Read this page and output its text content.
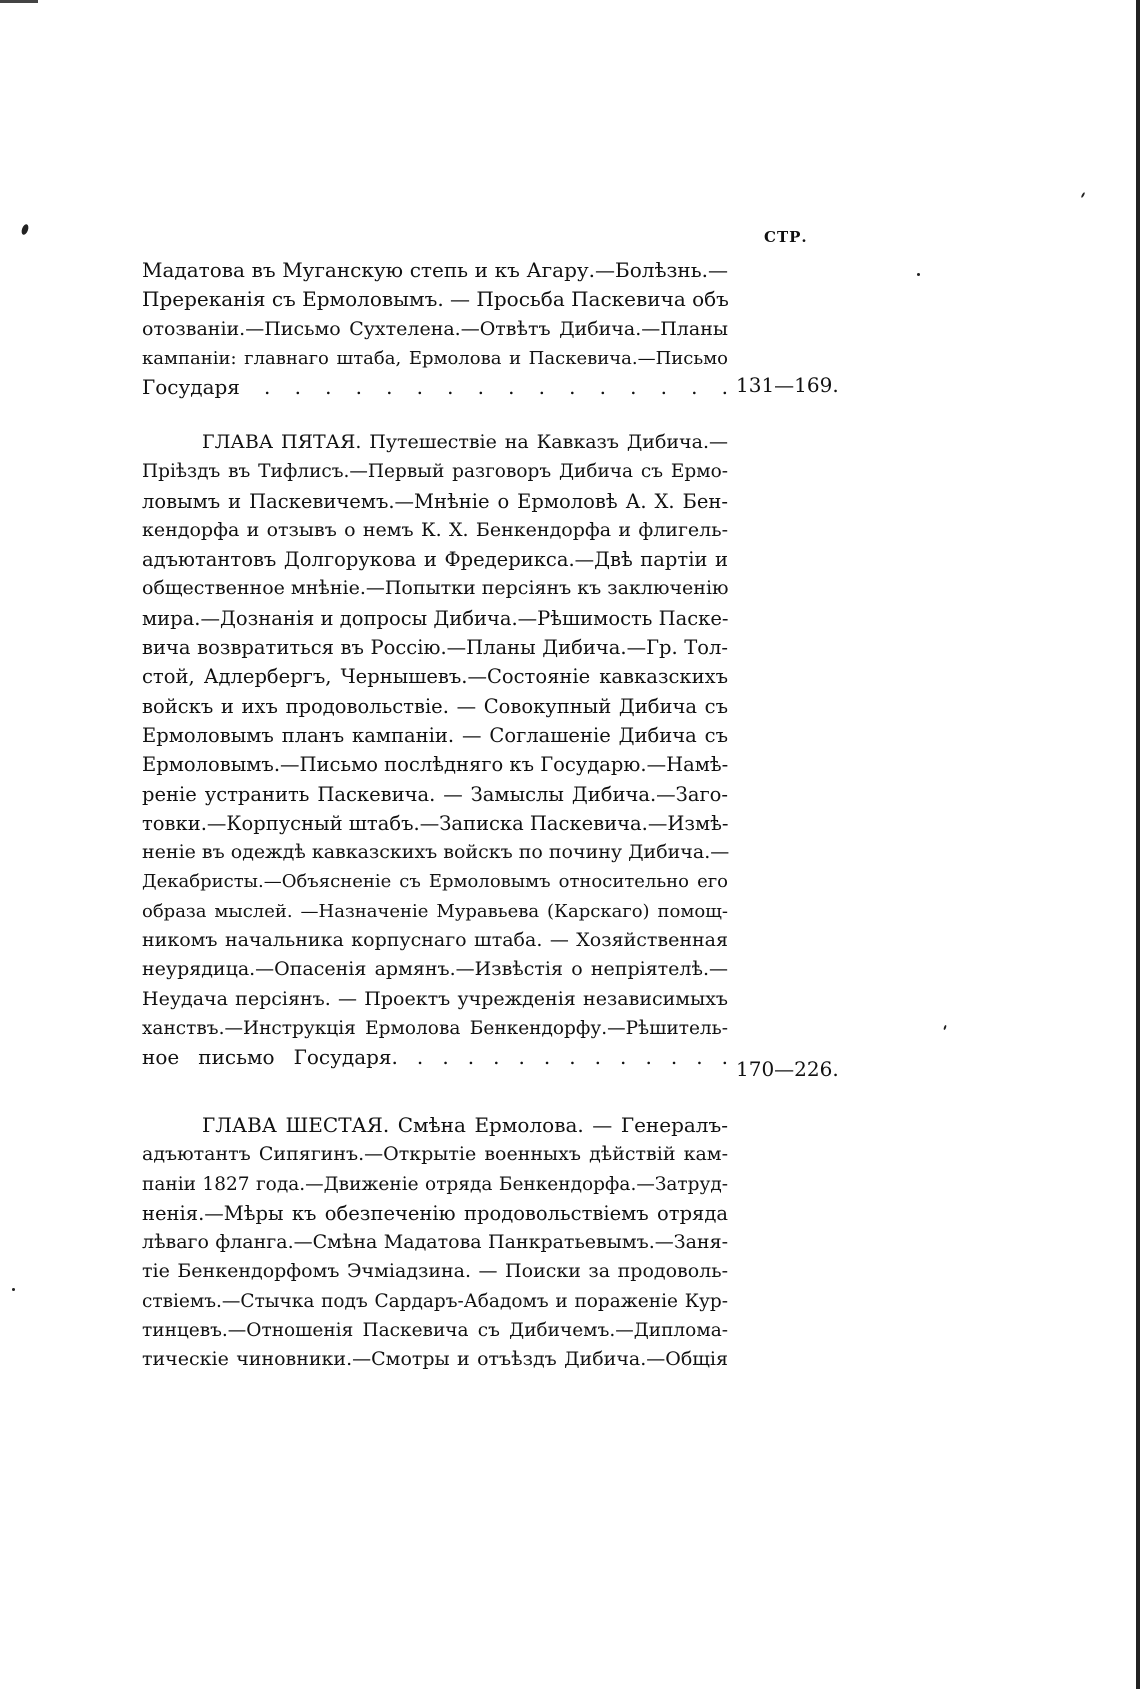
СТР.
Мадатова въ Муганскую степь и къ Агару.—Болѣзнь.—
Пререканія съ Ермоловымъ. — Просьба Паскевича объ
отозваніи.—Письмо Сухтелена.—Отвѣтъ Дибича.—Планы
кампаніи: главнаго штаба, Ермолова и Паскевича.—Письмо
Государя . . . . . . . . . . . . . . . . 131—169.
ГЛАВА ПЯТАЯ. Путешествіе на Кавказъ Дибича.—
Пріѣздъ въ Тифлисъ.—Первый разговоръ Дибича съ Ермо-
ловымъ и Паскевичемъ.—Мнѣніе о Ермоловѣ А. Х. Бен-
кендорфа и отзывъ о немъ К. Х. Бенкендорфа и флигель-
адъютантовъ Долгорукова и Фредерикса.—Двѣ партіи и
общественное мнѣніе.—Попытки персіянъ къ заключенію
мира.—Дознанія и допросы Дибича.—Рѣшимость Паске-
вича возвратиться въ Россію.—Планы Дибича.—Гр. Тол-
стой, Адлербергъ, Чернышевъ.—Состояніе кавказскихъ
войскъ и ихъ продовольствіе. — Совокупный Дибича съ
Ермоловымъ планъ кампаніи. — Соглашеніе Дибича съ
Ермоловымъ.—Письмо послѣдняго къ Государю.—Намѣ-
реніе устранить Паскевича. — Замыслы Дибича.—Заго-
товки.—Корпусный штабъ.—Записка Паскевича.—Измѣ-
неніе въ одеждѣ кавказскихъ войскъ по почину Дибича.—
Декабристы.—Объясненіе съ Ермоловымъ относительно его
образа мыслей. —Назначеніе Муравьева (Карскаго) помощ-
никомъ начальника корпуснаго штаба. — Хозяйственная
неурядица.—Опасенія армянъ.—Извѣстія о непріятелѣ.—
Неудача персіянъ. — Проектъ учрежденія независимыхъ
ханствъ.—Инструкція Ермолова Бенкендорфу.—Рѣшитель-
ное письмо Государя. . . . . . . . . . . . . . 170—226.
ГЛАВА ШЕСТАЯ. Смѣна Ермолова. — Генералъ-
адъютантъ Сипягинъ.—Открытіе военныхъ дѣйствій кам-
паніи 1827 года.—Движеніе отряда Бенкендорфа.—Затруд-
ненія.—Мѣры къ обезпеченію продовольствіемъ отряда
лѣваго фланга.—Смѣна Мадатова Панкратьевымъ.—Заня-
тіе Бенкендорфомъ Эчміадзина. — Поиски за продоволь-
ствіемъ.—Стычка подъ Сардаръ-Абадомъ и пораженіе Кур-
тинцевъ.—Отношенія Паскевича съ Дибичемъ.—Диплома-
тическіе чиновники.—Смотры и отъѣздъ Дибича.—Общія
